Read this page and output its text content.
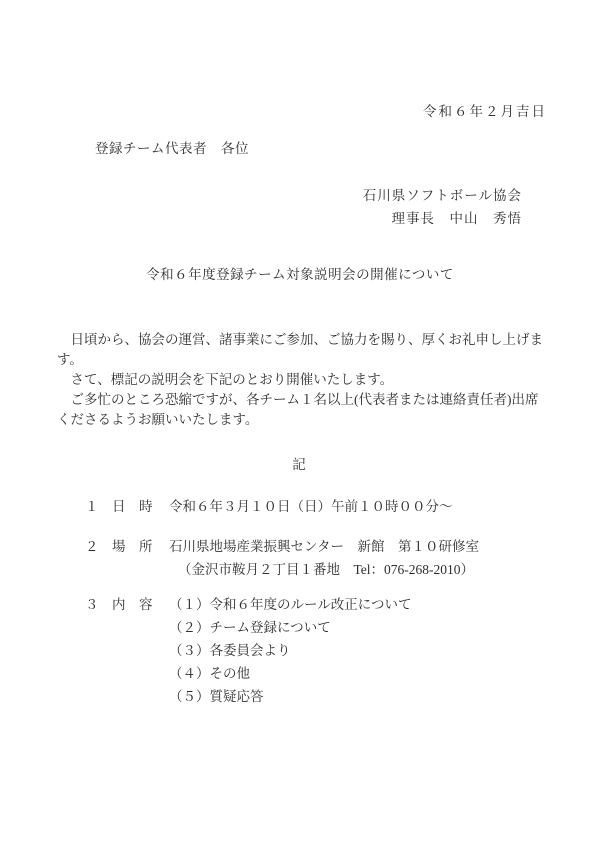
令和６年２月吉日
登録チーム代表者　各位
石川県ソフトボール協会
理事長　中山　秀悟
令和６年度登録チーム対象説明会の開催について
　日頃から、協会の運営、諸事業にご参加、ご協力を賜り、厚くお礼申し上げま
す。
　さて、標記の説明会を下記のとおり開催いたします。
　ご多忙のところ恐縮ですが、各チーム１名以上(代表者または連絡責任者)出席
くださるようお願いいたします。
記
１　日　時	令和６年３月１０日（日）午前１０時００分～
２　場　所	石川県地場産業振興センター　新館　第１０研修室
（金沢市鞍月２丁目１番地　Tel：076-268-2010）
３　内　容	（１）令和６年度のルール改正について
（２）チーム登録について
（３）各委員会より
（４）その他
（５）質疑応答
